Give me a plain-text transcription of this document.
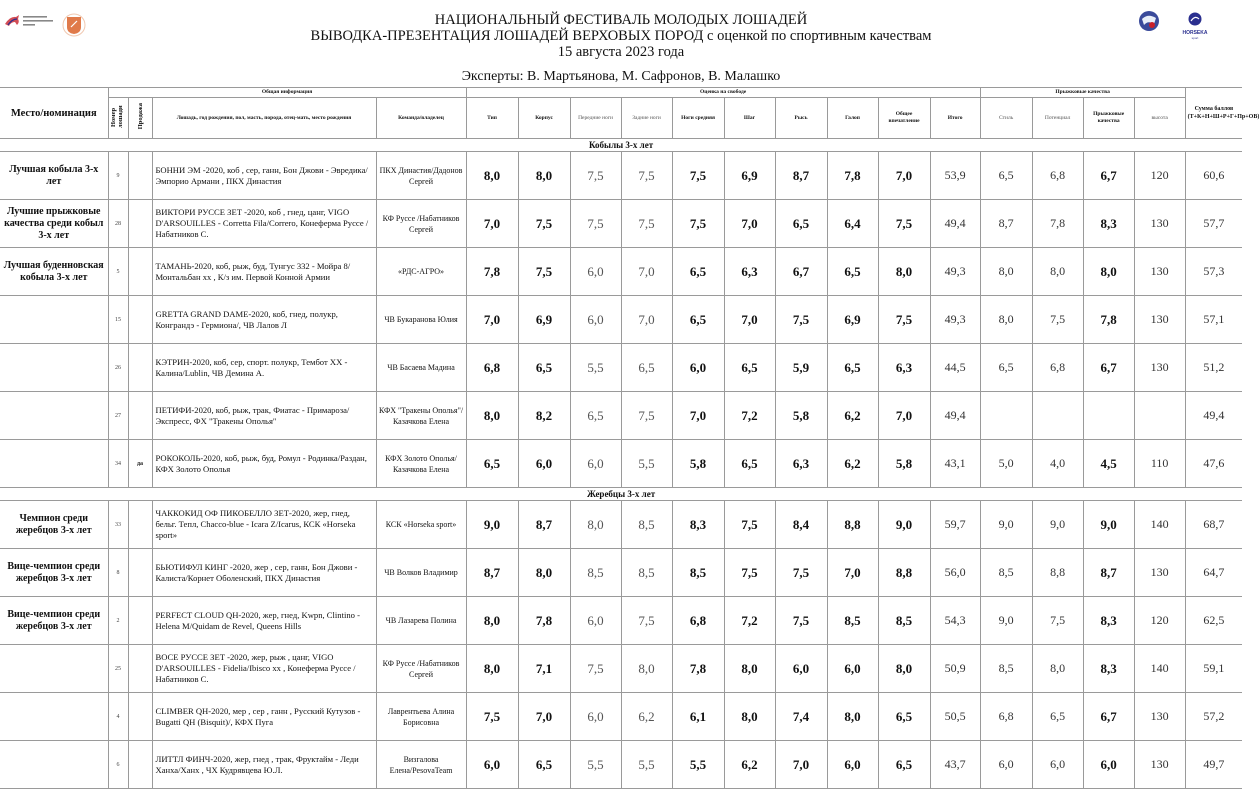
HORSEKA
sport
НАЦИОНАЛЬНЫЙ ФЕСТИВАЛЬ МОЛОДЫХ ЛОШАДЕЙ
ВЫВОДКА-ПРЕЗЕНТАЦИЯ ЛОШАДЕЙ ВЕРХОВЫХ ПОРОД с оценкой по спортивным качествам
15 августа 2023 года
Эксперты: В. Мартьянова, М. Сафронов, В. Малашко
Место/номинация	Общая информация				Оценка на свободе										Прыжковые качества				Сумма баллов (Т+К+Н+Ш+Р+Г+Пр+ОВ)
	Номер лошади	Продажа	Лошадь, год рождения, пол, масть, порода, отец-мать, место рождения	Команда/владелец	Тип	Корпус	Передние ноги	Задние ноги	Ноги средняя	Шаг	Рысь	Галоп	Общее впечатление	Итого	Стиль	Потенциал	Прыжковые качества	высота	
Кобылы 3-х лет																			
Лучшая кобыла 3-х лет	9		БОННИ ЭМ -2020, коб , сер, ганн, Бон Джови - Эвредика/Эмпорио Армани , ПКХ Династия	ПКХ Династия/Дадонов Сергей	8,0	8,0	7,5	7,5	7,5	6,9	8,7	7,8	7,0	53,9	6,5	6,8	6,7	120	60,6
Лучшие прыжковые качества среди кобыл 3-х лет	28		ВИКТОРИ РУССЕ ЗЕТ -2020, коб , гнед, цанг, VIGO D'ARSOUILLES - Corretta Fila/Correro, Конеферма Руссе /Набатников С.	КФ Руссе /Набатников Сергей	7,0	7,5	7,5	7,5	7,5	7,0	6,5	6,4	7,5	49,4	8,7	7,8	8,3	130	57,7
Лучшая буденновская кобыла 3-х лет	5		ТАМАНЬ-2020, коб, рыж, буд, Тунгус 332 - Мойра 8/Монтальбан хх , К/з им. Первой Конной Армии	«РДС-АГРО»	7,8	7,5	6,0	7,0	6,5	6,3	6,7	6,5	8,0	49,3	8,0	8,0	8,0	130	57,3
	15		GRETTA GRAND DAME-2020, коб, гнед, полукр, Конграндэ - Гермиона/, ЧВ Лалов Л	ЧВ Букаранова Юлия	7,0	6,9	6,0	7,0	6,5	7,0	7,5	6,9	7,5	49,3	8,0	7,5	7,8	130	57,1
	26		КЭТРИН-2020, коб, сер, спорт. полукр, Тембот ХХ - Калина/Lublin, ЧВ Демина А.	ЧВ Басаева Мадина	6,8	6,5	5,5	6,5	6,0	6,5	5,9	6,5	6,3	44,5	6,5	6,8	6,7	130	51,2
	27		ПЕТИФИ-2020, коб, рыж, трак, Фиатас - Примароза/Экспресс, ФХ "Тракены Ополья"	КФХ "Тракены Ополья"/ Казачкова Елена	8,0	8,2	6,5	7,5	7,0	7,2	5,8	6,2	7,0	49,4					49,4
	34	да	РОКОКОЛЬ-2020, коб, рыж, буд, Ромул - Родинка/Раздан, КФХ Золото Ополья	КФХ Золото Ополья/Казачкова Елена	6,5	6,0	6,0	5,5	5,8	6,5	6,3	6,2	5,8	43,1	5,0	4,0	4,5	110	47,6
Жеребцы 3-х лет																			
Чемпион среди жеребцов 3-х лет	33		ЧАККОКИД ОФ ПИКОБЕЛЛО ЗЕТ-2020, жер, гнед, бельг. Тепл, Chacco-blue - Icara Z/Icarus, КСК «Horseka sport»	КСК «Horseka sport»	9,0	8,7	8,0	8,5	8,3	7,5	8,4	8,8	9,0	59,7	9,0	9,0	9,0	140	68,7
Вице-чемпион среди жеребцов 3-х лет	8		БЬЮТИФУЛ КИНГ -2020, жер , сер, ганн, Бон Джови - Калиста/Корнет Оболенский, ПКХ Династия	ЧВ Волков Владимир	8,7	8,0	8,5	8,5	8,5	7,5	7,5	7,0	8,8	56,0	8,5	8,8	8,7	130	64,7
Вице-чемпион среди жеребцов 3-х лет	2		PERFECT CLOUD QH-2020, жер, гнед, Kwpn, Clintino - Helena M/Quidam de Revel, Queens Hills	ЧВ Лазарева Полина	8,0	7,8	6,0	7,5	6,8	7,2	7,5	8,5	8,5	54,3	9,0	7,5	8,3	120	62,5
	25		ВОСЕ РУССЕ ЗЕТ -2020, жер, рыж , цанг, VIGO D'ARSOUILLES - Fidelia/Ibisco xx , Конеферма Руссе /Набатников С.	КФ Руссе /Набатников Сергей	8,0	7,1	7,5	8,0	7,8	8,0	6,0	6,0	8,0	50,9	8,5	8,0	8,3	140	59,1
	4		CLIMBER QH-2020, мер , сер , ганн , Русский Кутузов - Bugatti QH (Bisquit)/, КФХ Пуга	Лаврентьева Алина Борисовна	7,5	7,0	6,0	6,2	6,1	8,0	7,4	8,0	6,5	50,5	6,8	6,5	6,7	130	57,2
	6		ЛИТТЛ ФИНЧ-2020, жер, гнед , трак, Фруктайм - Леди Ханха/Ханх , ЧХ Кудрявцева Ю.Л.	Визгалова Елена/PesovaTeam	6,0	6,5	5,5	5,5	5,5	6,2	7,0	6,0	6,5	43,7	6,0	6,0	6,0	130	49,7
